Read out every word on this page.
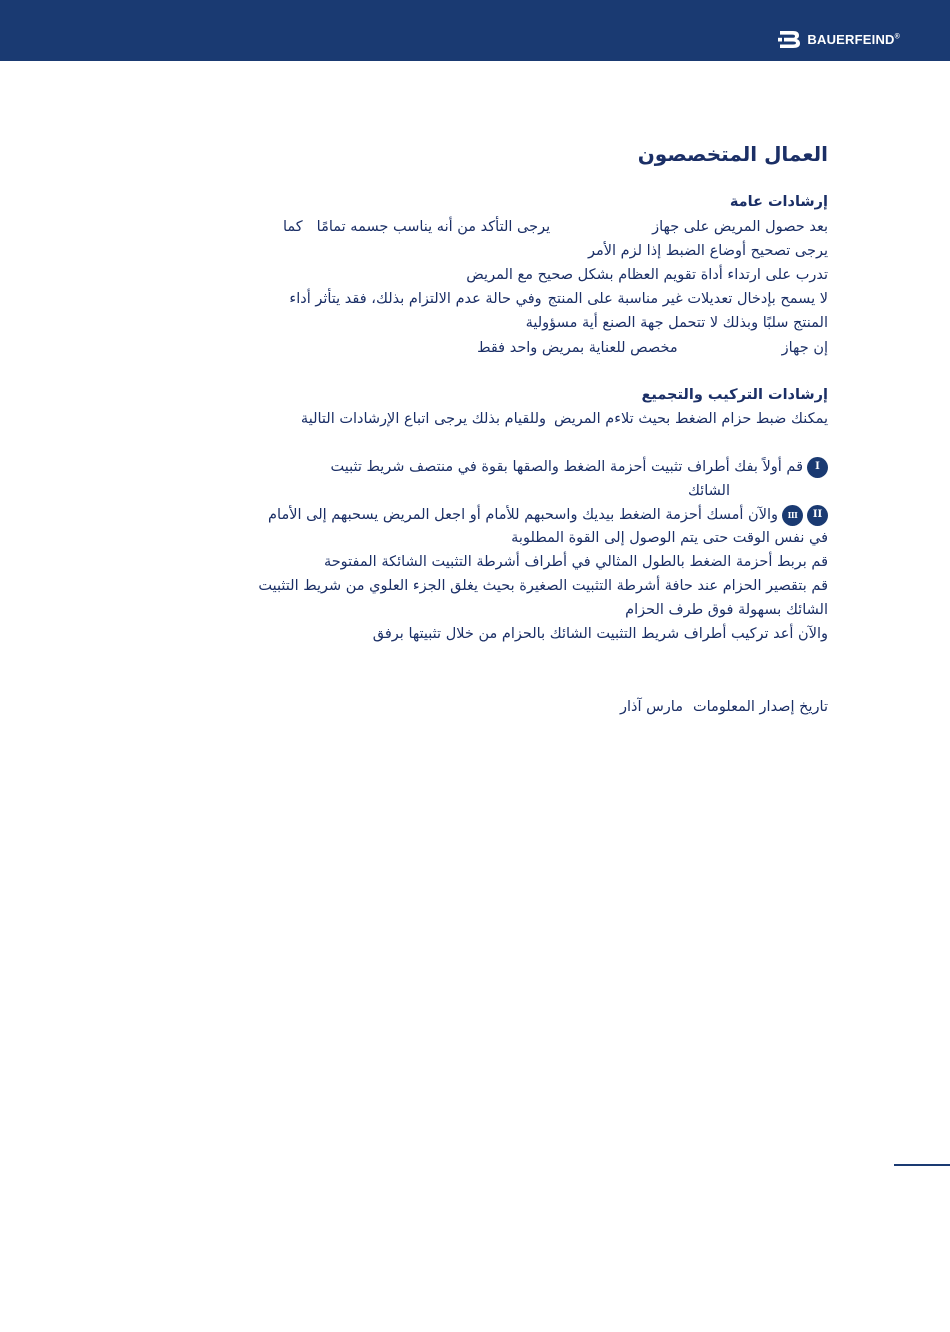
BAUERFEIND®
العمال المتخصصون
إرشادات عامة
بعد حصول المريض على جهازيرجى التأكد من أنه يناسب جسمه تمامًاكما
يرجى تصحيح أوضاع الضبط إذا لزم الأمر
تدرب على ارتداء أداة تقويم العظام بشكل صحيح مع المريض
لا يسمح بإدخال تعديلات غير مناسبة على المنتجوفي حالة عدم الالتزام بذلك، فقد يتأثر أداء
المنتج سلبًا وبذلك لا تتحمل جهة الصنع أية مسؤولية
إن جهازمخصص للعناية بمريض واحد فقط
إرشادات التركيب والتجميع
يمكنك ضبط حزام الضغط بحيث تلاءم المريضوللقيام بذلك يرجى اتباع الإرشادات التالية
Iقم أولاً بفك أطراف تثبيت أحزمة الضغط والصقها بقوة في منتصف شريط تثبيت
الشائك
IIIIIوالآن أمسك أحزمة الضغط بيديك واسحبهم للأمام أو اجعل المريض يسحبهم إلى الأمام
في نفس الوقت حتى يتم الوصول إلى القوة المطلوبة
قم بربط أحزمة الضغط بالطول المثالي في أطراف أشرطة التثبيت الشائكة المفتوحة
قم بتقصير الحزام عند حافة أشرطة التثبيت الصغيرة بحيث يغلق الجزء العلوي من شريط التثبيت
الشائك بسهولة فوق طرف الحزام
والآن أعد تركيب أطراف شريط التثبيت الشائك بالحزام من خلال تثبيتها برفق
تاريخ إصدار المعلوماتمارس آذار
